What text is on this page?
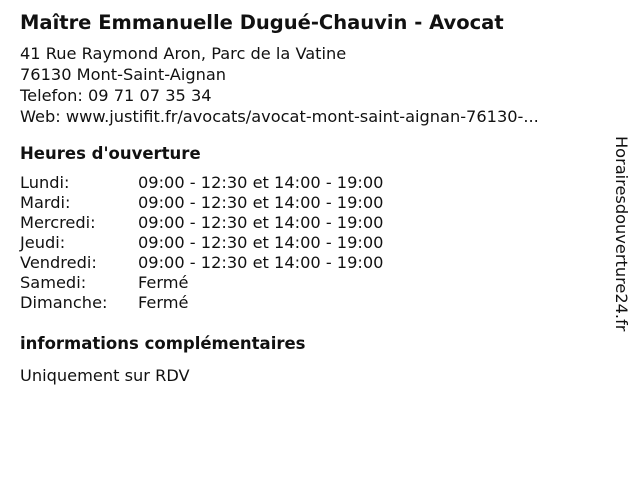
Maître Emmanuelle Dugué-Chauvin - Avocat
41 Rue Raymond Aron, Parc de la Vatine
76130 Mont-Saint-Aignan
Telefon: 09 71 07 35 34
Web: www.justifit.fr/avocats/avocat-mont-saint-aignan-76130-...
Heures d'ouverture
Lundi:	09:00 - 12:30 et 14:00 - 19:00
Mardi:	09:00 - 12:30 et 14:00 - 19:00
Mercredi:	09:00 - 12:30 et 14:00 - 19:00
Jeudi:	09:00 - 12:30 et 14:00 - 19:00
Vendredi:	09:00 - 12:30 et 14:00 - 19:00
Samedi:	Fermé
Dimanche:	Fermé
informations complémentaires
Uniquement sur RDV
Horairesdouverture24.fr
